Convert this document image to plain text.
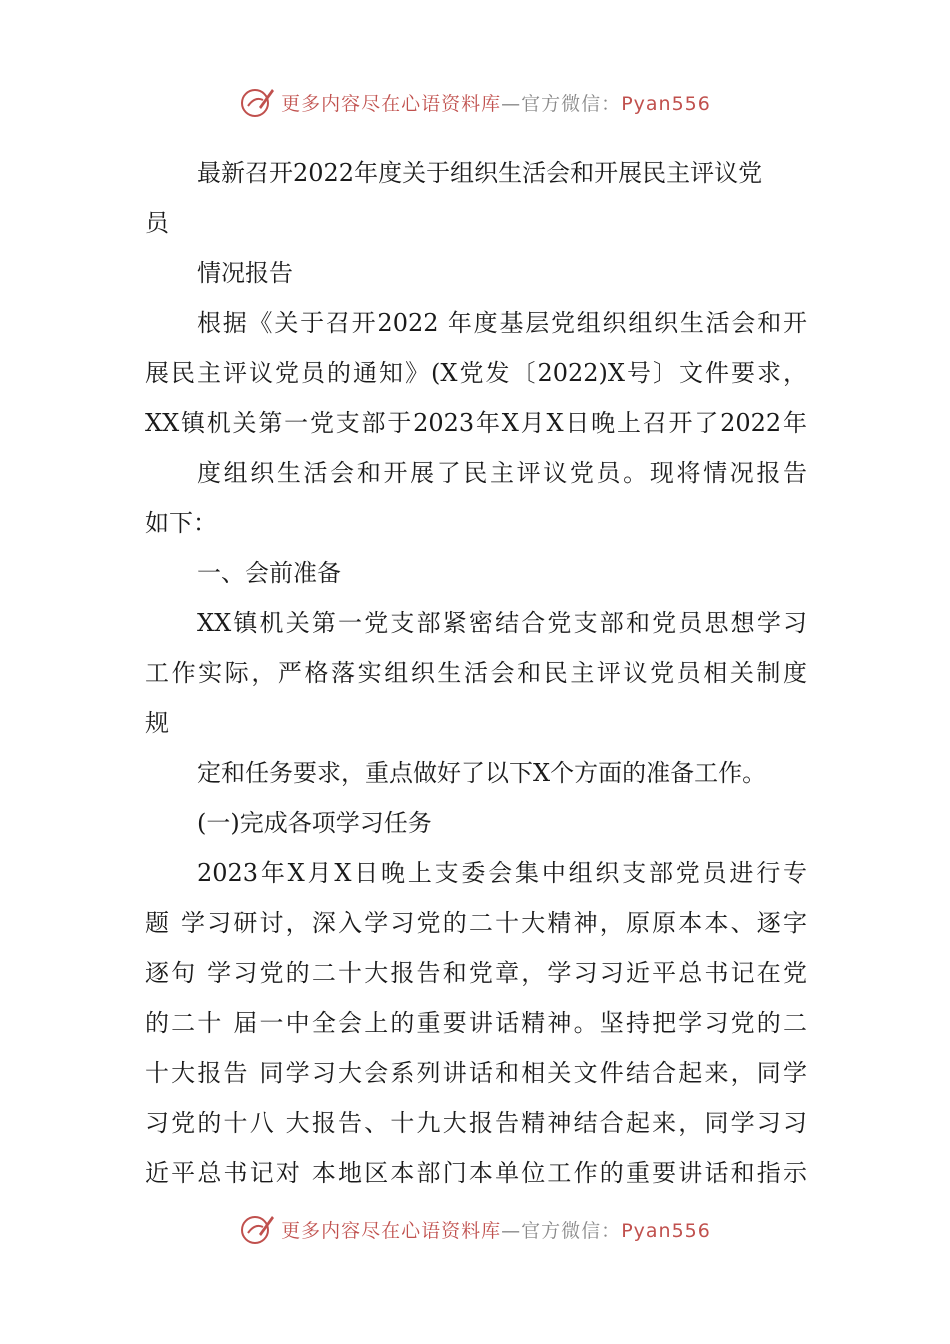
更多内容尽在心语资料库—官方微信：Pyan556
最新召开2022年度关于组织生活会和开展民主评议党
员
情况报告
根据《关于召开2022 年度基层党组织组织生活会和开
展民主评议党员的通知》(X党发〔2022)X号〕文件要求，
XX镇机关第一党支部于2023年X月X日晚上召开了2022年
度组织生活会和开展了民主评议党员。现将情况报告
如下：
一、会前准备
XX镇机关第一党支部紧密结合党支部和党员思想学习
工作实际，严格落实组织生活会和民主评议党员相关制度
规
定和任务要求，重点做好了以下X个方面的准备工作。
(一)完成各项学习任务
2023年X月X日晚上支委会集中组织支部党员进行专
题 学习研讨，深入学习党的二十大精神，原原本本、逐字
逐句 学习党的二十大报告和党章，学习习近平总书记在党
的二十 届一中全会上的重要讲话精神。坚持把学习党的二
十大报告 同学习大会系列讲话和相关文件结合起来，同学
习党的十八 大报告、十九大报告精神结合起来，同学习习
近平总书记对 本地区本部门本单位工作的重要讲话和指示
更多内容尽在心语资料库—官方微信：Pyan556
